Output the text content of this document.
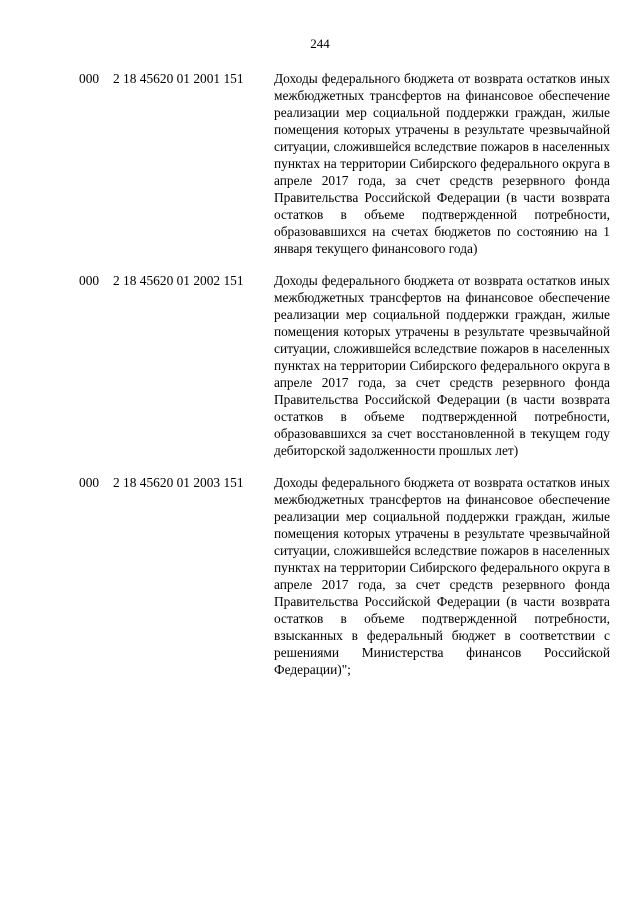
244
000 2 18 45620 01 2001 151 Доходы федерального бюджета от возврата остатков иных межбюджетных трансфертов на финансовое обеспечение реализации мер социальной поддержки граждан, жилые помещения которых утрачены в результате чрезвычайной ситуации, сложившейся вследствие пожаров в населенных пунктах на территории Сибирского федерального округа в апреле 2017 года, за счет средств резервного фонда Правительства Российской Федерации (в части возврата остатков в объеме подтвержденной потребности, образовавшихся на счетах бюджетов по состоянию на 1 января текущего финансового года)
000 2 18 45620 01 2002 151 Доходы федерального бюджета от возврата остатков иных межбюджетных трансфертов на финансовое обеспечение реализации мер социальной поддержки граждан, жилые помещения которых утрачены в результате чрезвычайной ситуации, сложившейся вследствие пожаров в населенных пунктах на территории Сибирского федерального округа в апреле 2017 года, за счет средств резервного фонда Правительства Российской Федерации (в части возврата остатков в объеме подтвержденной потребности, образовавшихся за счет восстановленной в текущем году дебиторской задолженности прошлых лет)
000 2 18 45620 01 2003 151 Доходы федерального бюджета от возврата остатков иных межбюджетных трансфертов на финансовое обеспечение реализации мер социальной поддержки граждан, жилые помещения которых утрачены в результате чрезвычайной ситуации, сложившейся вследствие пожаров в населенных пунктах на территории Сибирского федерального округа в апреле 2017 года, за счет средств резервного фонда Правительства Российской Федерации (в части возврата остатков в объеме подтвержденной потребности, взысканных в федеральный бюджет в соответствии с решениями Министерства финансов Российской Федерации)";
